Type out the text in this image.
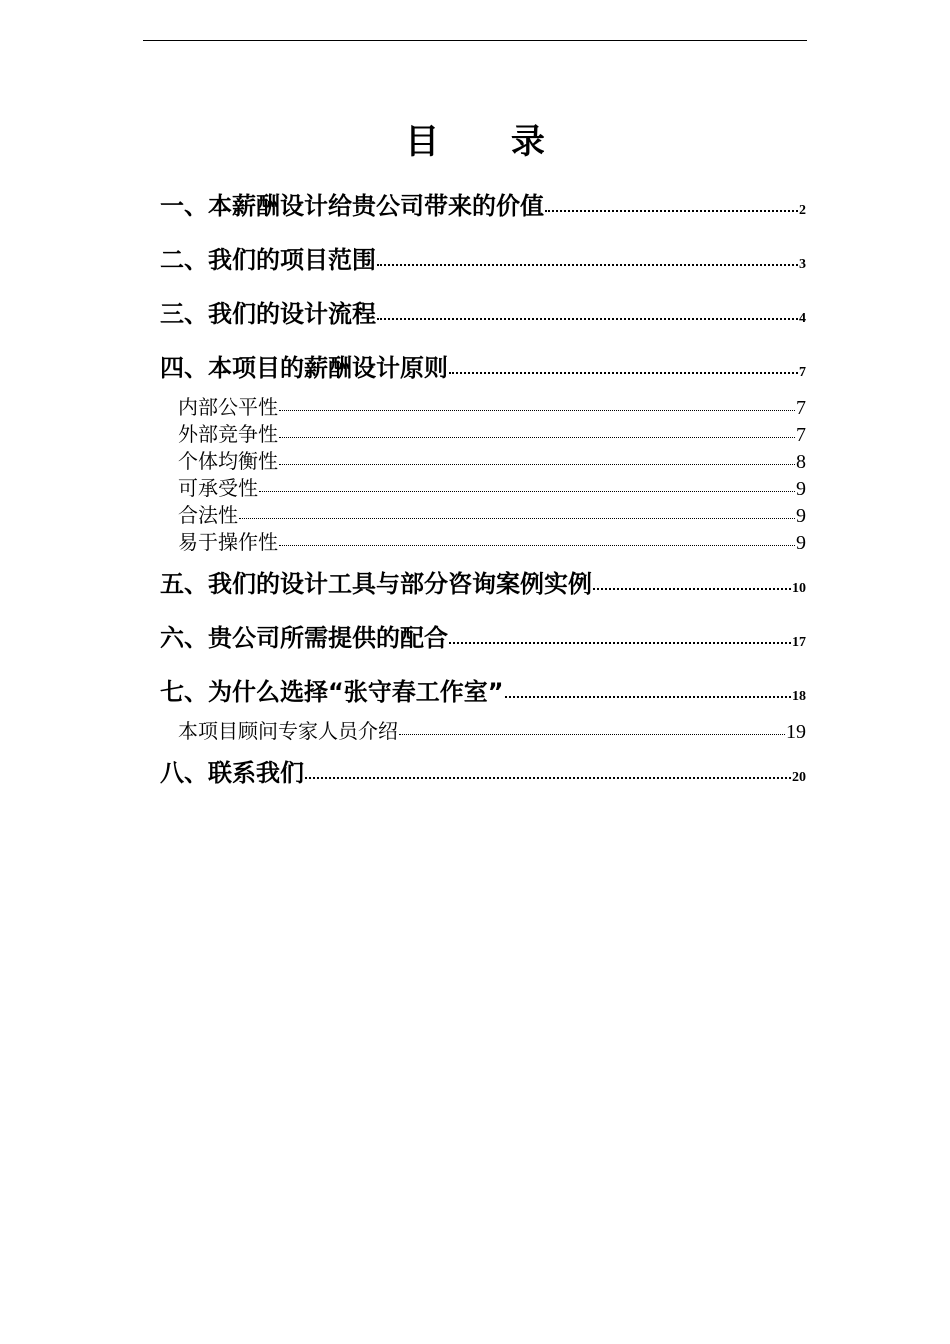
目 录
一、本薪酬设计给贵公司带来的价值	2
二、我们的项目范围	3
三、我们的设计流程	4
四、本项目的薪酬设计原则	7
内部公平性	7
外部竞争性	7
个体均衡性	8
可承受性	9
合法性	9
易于操作性	9
五、我们的设计工具与部分咨询案例实例	10
六、贵公司所需提供的配合	17
七、为什么选择“张守春工作室”	18
本项目顾问专家人员介绍	19
八、联系我们	20
